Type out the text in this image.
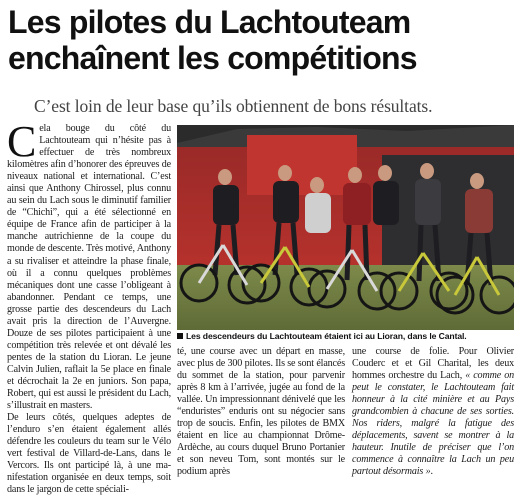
Les pilotes du Lachtouteam
enchaînent les compétitions
C’est loin de leur base qu’ils obtiennent de bons résultats.

Cela bouge du côté du Lachtouteam qui n’hésite pas à effectuer de très nombreux kilomètres afin d’honorer des épreuves de niveaux national et international. C’est ainsi que Anthony Chirossel, plus connu au sein du Lach sous le diminutif familier de “Chichi”, qui a été sélectionné en équipe de France afin de participer à la manche autrichienne de la coupe du monde de descente. Très motivé, Anthony a su rivaliser et atteindre la phase finale, où il a connu quelques problèmes mécaniques dont une casse l’obligeant à abandonner. Pendant ce temps, une grosse partie des descendeurs du Lach avait pris la direction de l’Auvergne. Douze de ses pilotes participaient à une compétition très relevée et ont dévalé les pentes de la station du Lioran. Le jeune Calvin Julien, raflait la 5e place en finale et décrochait la 2e en juniors. Son papa, Robert, qui est aussi le président du Lach, s’illustrait en masters.

De leurs côtés, quelques adeptes de l’enduro s’en étaient également allés défendre les couleurs du team sur le Vélo vert festival de Villard-de-Lans, dans le Vercors. Ils ont participé là, à une ma-nifestation organisée en deux temps, soit dans le jargon de cette spéciali-

Les descendeurs du Lachtouteam étaient ici au Lioran, dans le Cantal.

té, une course avec un départ en masse, avec plus de 300 pilotes. Ils se sont élancés du sommet de la station, pour parvenir après 8 km à l’arrivée, jugée au fond de la vallée. Un impressionnant dénivelé que les “enduristes” enduris ont su négocier sans trop de soucis. Enfin, les pilotes de BMX étaient en lice au championnat Drôme-Ardèche, au cours duquel Bruno Portanier et son neveu Tom, sont montés sur le podium après

une course de folie. Pour Olivier Couderc et et Gil Charital, les deux hommes orchestre du Lach, « comme on peut le constater, le Lachtouteam fait honneur à la cité minière et au Pays grandcombien à chacune de ses sorties. Nos riders, malgré la fatigue des déplacements, savent se montrer à la hauteur. Inutile de préciser que l’on commence à connaître la Lach un peu partout désormais ».
